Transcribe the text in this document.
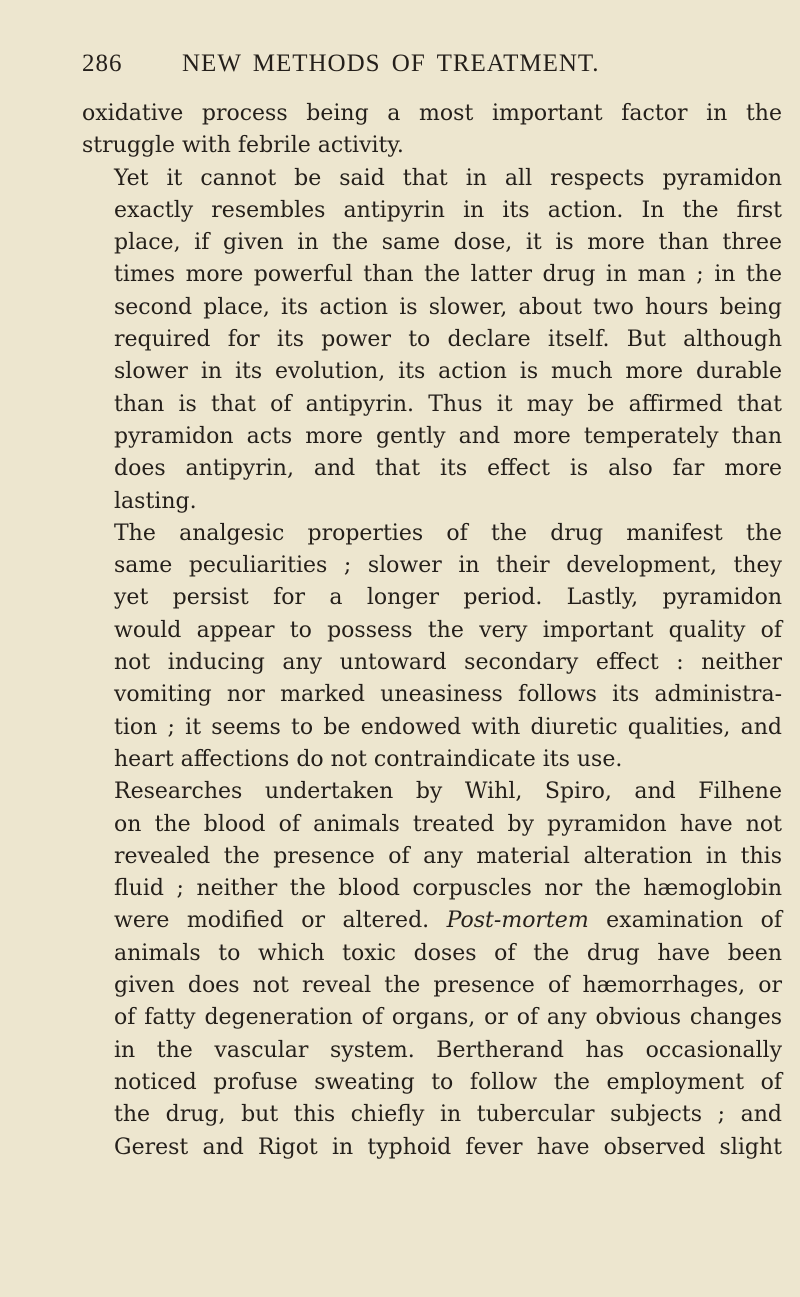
286 NEW METHODS OF TREATMENT.

oxidative process being a most important factor in the
struggle with febrile activity.

Yet it cannot be said that in all respects pyramidon
exactly resembles antipyrin in its action. In the first
place, if given in the same dose, it is more than three
times more powerful than the latter drug in man ; in the
second place, its action is slower, about two hours being
required for its power to declare itself. But although
slower in its evolution, its action is much more durable
than is that of antipyrin. Thus it may be affirmed that
pyramidon acts more gently and more temperately than
does antipyrin, and that its effect is also far more
lasting.

The analgesic properties of the drug manifest the
same peculiarities ; slower in their development, they
yet persist for a longer period. Lastly, pyramidon
would appear to possess the very important quality of
not inducing any untoward secondary effect : neither
vomiting nor marked uneasiness follows its administra-
tion ; it seems to be endowed with diuretic qualities, and
heart affections do not contraindicate its use.

Researches undertaken by Wihl, Spiro, and Filhene
on the blood of animals treated by pyramidon have not
revealed the presence of any material alteration in this
fluid ; neither the blood corpuscles nor the hæmoglobin
were modified or altered. Post-mortem examination of
animals to which toxic doses of the drug have been
given does not reveal the presence of hæmorrhages, or
of fatty degeneration of organs, or of any obvious changes
in the vascular system. Bertherand has occasionally
noticed profuse sweating to follow the employment of
the drug, but this chiefly in tubercular subjects ; and
Gerest and Rigot in typhoid fever have observed slight
